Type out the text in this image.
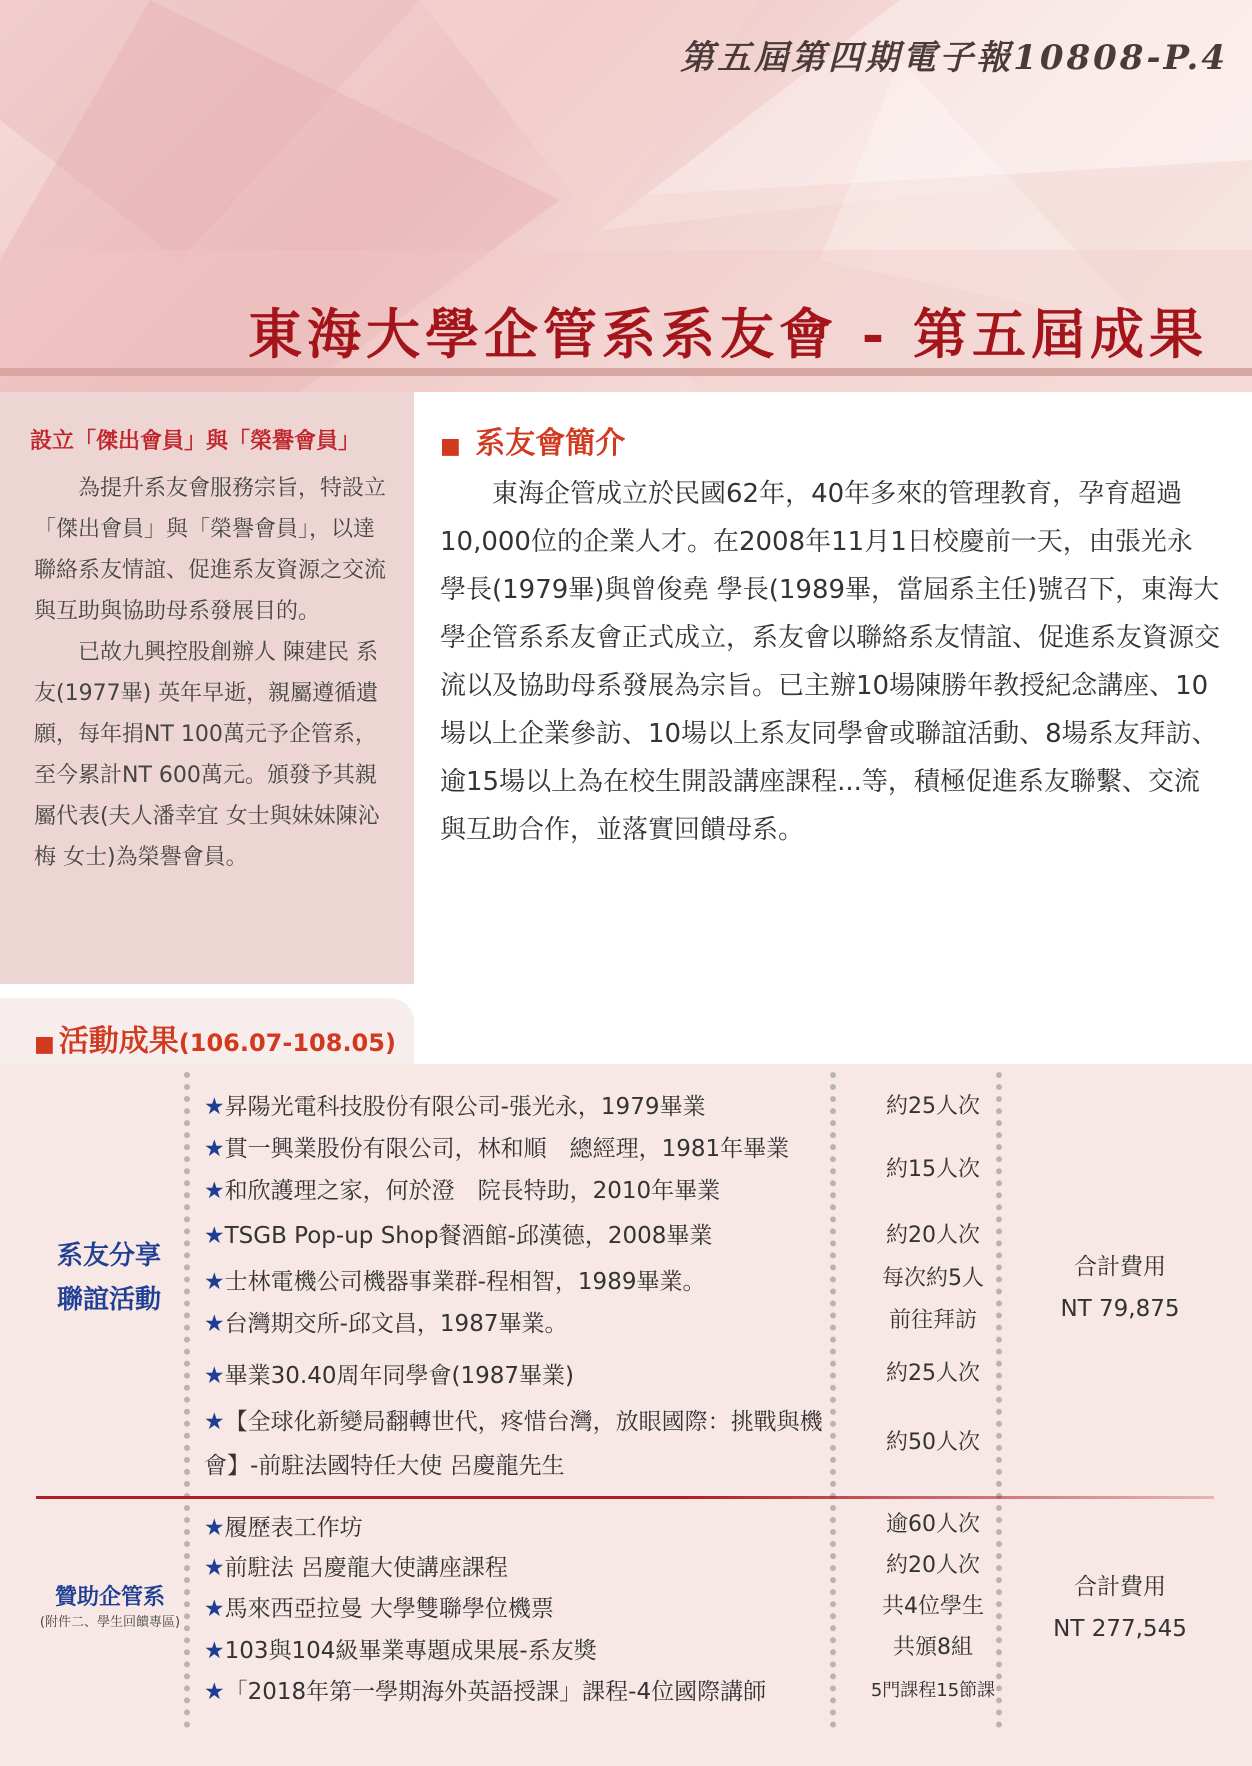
第五屆第四期電子報10808-P.4
東海大學企管系系友會 - 第五屆成果
設立「傑出會員」與「榮譽會員」

為提升系友會服務宗旨，特設立「傑出會員」與「榮譽會員」，以達聯絡系友情誼、促進系友資源之交流與互助與協助母系發展目的。

已故九興控股創辦人 陳建民 系友(1977畢) 英年早逝，親屬遵循遺願，每年捐NT 100萬元予企管系，至今累計NT 600萬元。頒發予其親屬代表(夫人潘幸宜 女士與妹妹陳沁梅 女士)為榮譽會員。

■ 系友會簡介
東海企管成立於民國62年，40年多來的管理教育，孕育超過10,000位的企業人才。在2008年11月1日校慶前一天，由張光永 學長(1979畢)與曾俊堯 學長(1989畢，當屆系主任)號召下，東海大學企管系系友會正式成立，系友會以聯絡系友情誼、促進系友資源交流以及協助母系發展為宗旨。已主辦10場陳勝年教授紀念講座、10場以上企業參訪、10場以上系友同學會或聯誼活動、8場系友拜訪、逾15場以上為在校生開設講座課程...等，積極促進系友聯繫、交流與互助合作，並落實回饋母系。
■ 活動成果(106.07-108.05)
系友分享
聯誼活動
★昇陽光電科技股份有限公司-張光永，1979畢業
★貫一興業股份有限公司，林和順　總經理，1981年畢業
★和欣護理之家，何於澄　院長特助，2010年畢業
★TSGB Pop-up Shop餐酒館-邱漢德，2008畢業
★士林電機公司機器事業群-程相智，1989畢業。
★台灣期交所-邱文昌，1987畢業。
★畢業30.40周年同學會(1987畢業)
★【全球化新變局翻轉世代，疼惜台灣，放眼國際：挑戰與機會】-前駐法國特任大使 呂慶龍先生
約25人次
約15人次
約20人次
每次約5人
前往拜訪
約25人次
約50人次
合計費用
NT 79,875
贊助企管系
(附件二、學生回饋專區)
★履歷表工作坊
★前駐法 呂慶龍大使講座課程
★馬來西亞拉曼 大學雙聯學位機票
★103與104級畢業專題成果展-系友獎
★「2018年第一學期海外英語授課」課程-4位國際講師
逾60人次
約20人次
共4位學生
共頒8組
5門課程15節課
合計費用
NT 277,545
